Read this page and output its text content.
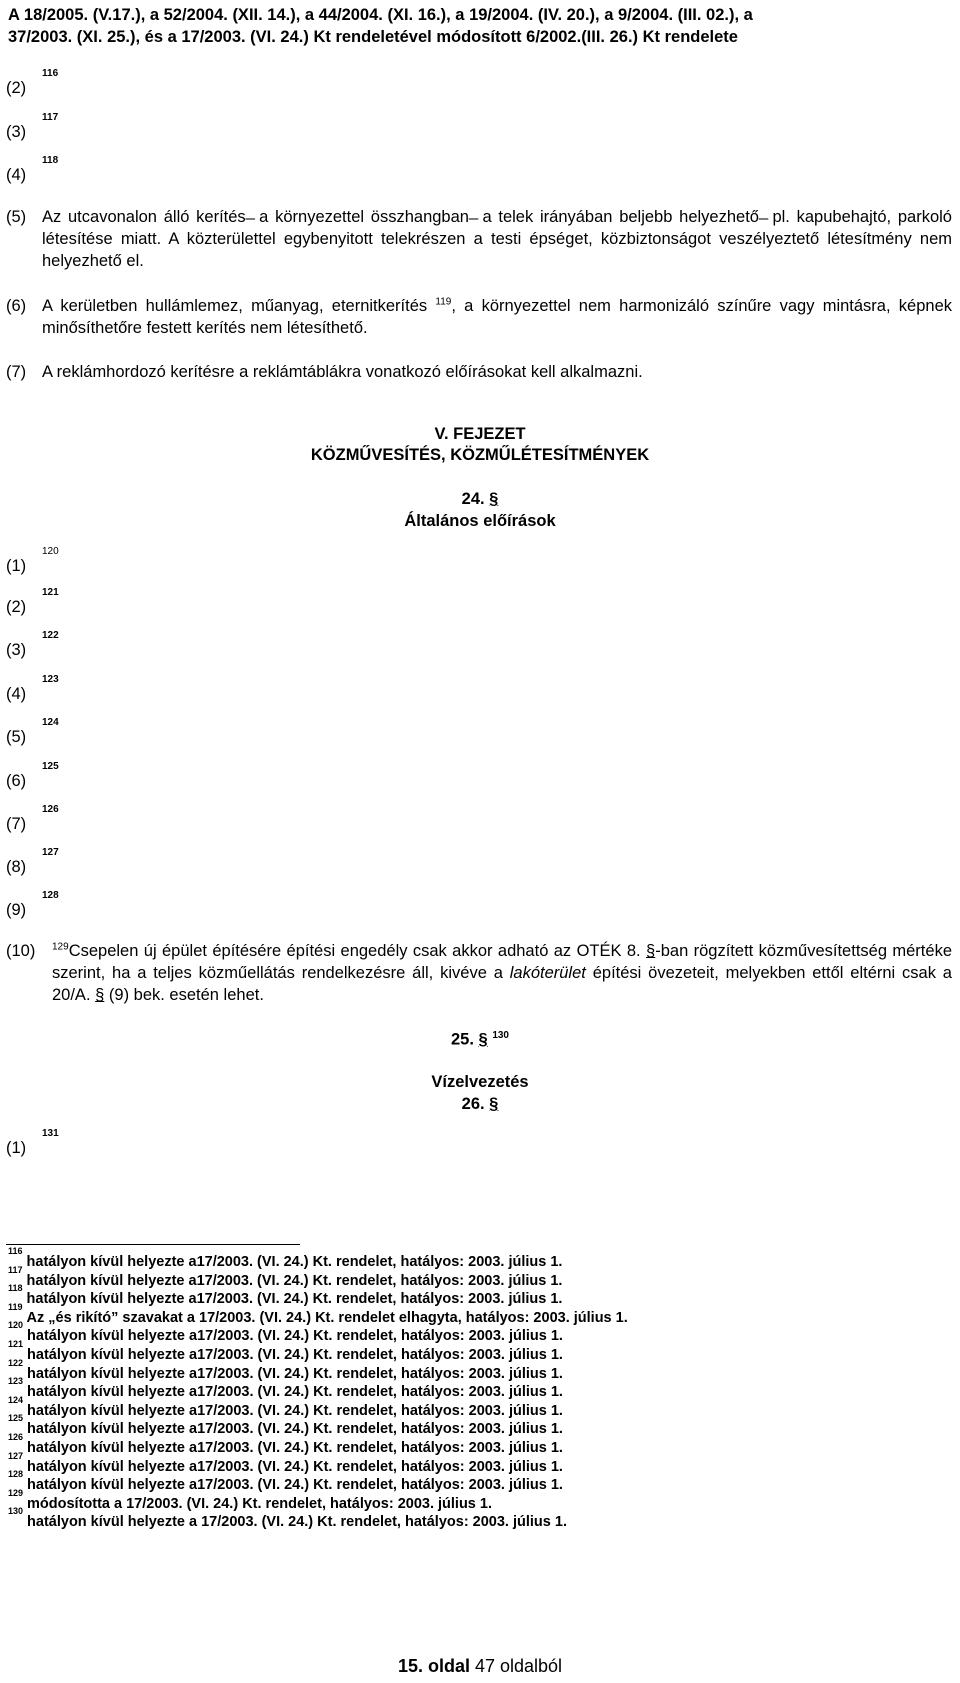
A 18/2005. (V.17.), a 52/2004. (XII. 14.), a 44/2004. (XI. 16.), a 19/2004. (IV. 20.), a 9/2004. (III. 02.), a
37/2003. (XI. 25.), és a 17/2003. (VI. 24.) Kt rendeletével módosított 6/2002.(III. 26.) Kt rendelete
$(2)^{116}$
$(3)^{117}$
$(4)^{118}$
(5) Az utcavonalon álló kerítés ̶ a környezettel összhangban ̶ a telek irányában beljebb helyezhető ̶ pl. kapubehajtó, parkoló létesítése miatt. A közterülettel egybenyitott telekrészen a testi épséget, közbiztonságot veszélyeztető létesítmény nem helyezhető el.
(6) A kerületben hullámlemez, műanyag, eternitkerítés $^{119}$, a környezettel nem harmonizáló színűre vagy mintásra, képnek minősíthetőre festett kerítés nem létesíthető.
(7) A reklámhordozó kerítésre a reklámtáblákra vonatkozó előírásokat kell alkalmazni.
V. FEJEZET
KÖZMŰVESÍTÉS, KÖZMŰLÉTESÍTMÉNYEK
24. §
Általános előírások
$(1)^{120}$
$(2)^{121}$
$(3)^{122}$
$(4)^{123}$
$(5)^{124}$
$(6)^{125}$
$(7)^{126}$
$(8)^{127}$
$(9)^{128}$
(10) $^{129}$Csepelen új épület építésére építési engedély csak akkor adható az OTÉK 8. §-ban rögzített közművesítettség mértéke szerint, ha a teljes közműellátás rendelkezésre áll, kivéve a lakóterület építési övezeteit, melyekben ettől eltérni csak a 20/A. § (9) bek. esetén lehet.
25. § $^{130}$
Vízelvezetés
26. §
$(1)^{131}$
$^{116}$hatályon kívül helyezte a17/2003. (VI. 24.) Kt. rendelet, hatályos: 2003. július 1.
$^{117}$hatályon kívül helyezte a17/2003. (VI. 24.) Kt. rendelet, hatályos: 2003. július 1.
$^{118}$hatályon kívül helyezte a17/2003. (VI. 24.) Kt. rendelet, hatályos: 2003. július 1.
$^{119}$Az „és rikító” szavakat a 17/2003. (VI. 24.) Kt. rendelet elhagyta, hatályos: 2003. július 1.
$^{120}$hatályon kívül helyezte a17/2003. (VI. 24.) Kt. rendelet, hatályos: 2003. július 1.
$^{121}$hatályon kívül helyezte a17/2003. (VI. 24.) Kt. rendelet, hatályos: 2003. július 1.
$^{122}$hatályon kívül helyezte a17/2003. (VI. 24.) Kt. rendelet, hatályos: 2003. július 1.
$^{123}$hatályon kívül helyezte a17/2003. (VI. 24.) Kt. rendelet, hatályos: 2003. július 1.
$^{124}$hatályon kívül helyezte a17/2003. (VI. 24.) Kt. rendelet, hatályos: 2003. július 1.
$^{125}$hatályon kívül helyezte a17/2003. (VI. 24.) Kt. rendelet, hatályos: 2003. július 1.
$^{126}$hatályon kívül helyezte a17/2003. (VI. 24.) Kt. rendelet, hatályos: 2003. július 1.
$^{127}$hatályon kívül helyezte a17/2003. (VI. 24.) Kt. rendelet, hatályos: 2003. július 1.
$^{128}$hatályon kívül helyezte a17/2003. (VI. 24.) Kt. rendelet, hatályos: 2003. július 1.
$^{129}$módosította a 17/2003. (VI. 24.) Kt. rendelet, hatályos: 2003. július 1.
$^{130}$hatályon kívül helyezte a 17/2003. (VI. 24.) Kt. rendelet, hatályos: 2003. július 1.
15. oldal 47 oldalból
